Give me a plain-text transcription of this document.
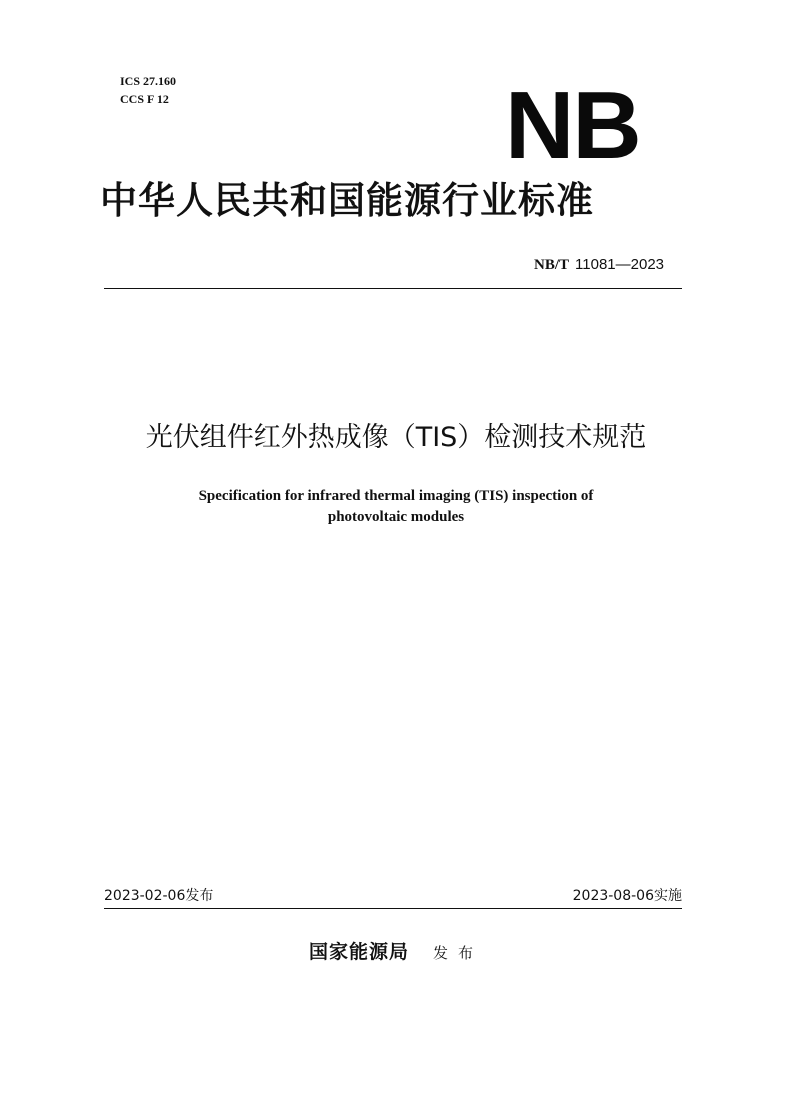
ICS 27.160
CCS F 12	NB
中华人民共和国能源行业标准
NB/T 11081—2023
光伏组件红外热成像（TIS）检测技术规范
Specification for infrared thermal imaging (TIS) inspection of
photovoltaic modules
2023-02-06发布	2023-08-06实施
国家能源局 发布
